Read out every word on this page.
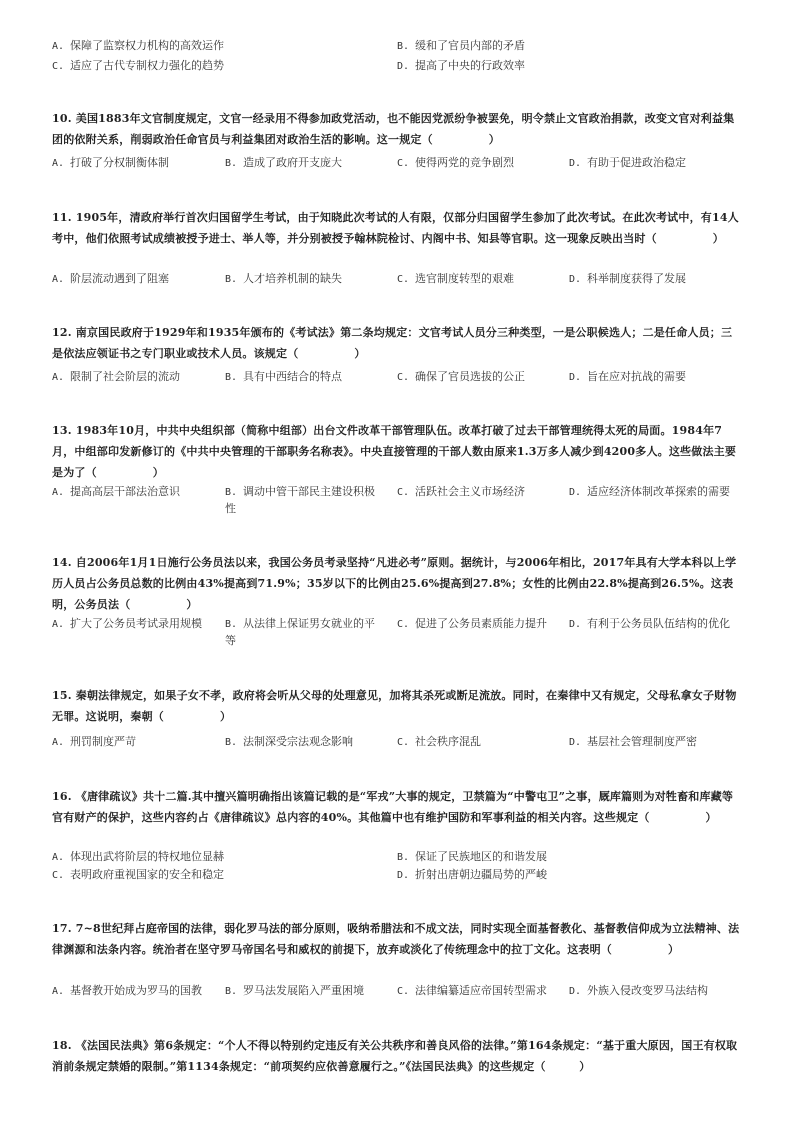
A. 保障了监察权力机构的高效运作	B. 缓和了官员内部的矛盾
C. 适应了古代专制权力强化的趋势	D. 提高了中央的行政效率
10. 美国1883年文官制度规定，文官一经录用不得参加政党活动，也不能因党派纷争被罢免，明令禁止文官政治捐款，改变文官对利益集团的依附关系，削弱政治任命官员与利益集团对政治生活的影响。这一规定（　　　　　）
A. 打破了分权制衡体制	B. 造成了政府开支庞大	C. 使得两党的竞争剧烈	D. 有助于促进政治稳定
11. 1905年，清政府举行首次归国留学生考试，由于知晓此次考试的人有限，仅部分归国留学生参加了此次考试。在此次考试中，有14人考中，他们依照考试成绩被授予进士、举人等，并分别被授予翰林院检讨、内阁中书、知县等官职。这一现象反映出当时（　　　　　）
A. 阶层流动遇到了阻塞	B. 人才培养机制的缺失	C. 选官制度转型的艰难	D. 科举制度获得了发展
12. 南京国民政府于1929年和1935年颁布的《考试法》第二条均规定：文官考试人员分三种类型，一是公职候选人；二是任命人员；三是依法应领证书之专门职业或技术人员。该规定（　　　　　）
A. 限制了社会阶层的流动	B. 具有中西结合的特点	C. 确保了官员选拔的公正	D. 旨在应对抗战的需要
13. 1983年10月，中共中央组织部（简称中组部）出台文件改革干部管理队伍。改革打破了过去干部管理统得太死的局面。1984年7月，中组部印发新修订的《中共中央管理的干部职务名称表》。中央直接管理的干部人数由原来1.3万多人减少到4200多人。这些做法主要是为了（　　　　　）
A. 提高高层干部法治意识	B. 调动中管干部民主建设积极性
C. 活跃社会主义市场经济	D. 适应经济体制改革探索的需要
14. 自2006年1月1日施行公务员法以来，我国公务员考录坚持“凡进必考”原则。据统计，与2006年相比，2017年具有大学本科以上学历人员占公务员总数的比例由43%提高到71.9%；35岁以下的比例由25.6%提高到27.8%；女性的比例由22.8%提高到26.5%。这表明，公务员法（　　　　　）
A. 扩大了公务员考试录用规模	B. 从法律上保证男女就业的平等
C. 促进了公务员素质能力提升	D. 有利于公务员队伍结构的优化
15. 秦朝法律规定，如果子女不孝，政府将会听从父母的处理意见，加将其杀死或断足流放。同时，在秦律中又有规定，父母私拿女子财物无罪。这说明，秦朝（　　　　　）
A. 刑罚制度严苛	B. 法制深受宗法观念影响	C. 社会秩序混乱	D. 基层社会管理制度严密
16. 《唐律疏议》共十二篇.其中擅兴篇明确指出该篇记载的是“军戎”大事的规定，卫禁篇为“中警屯卫”之事，厩库篇则为对牲畜和库藏等官有财产的保护，这些内容约占《唐律疏议》总内容的40%。其他篇中也有维护国防和军事利益的相关内容。这些规定（　　　　　）
A. 体现出武将阶层的特权地位显赫	B. 保证了民族地区的和谐发展
C. 表明政府重视国家的安全和稳定	D. 折射出唐朝边疆局势的严峻
17. 7~8世纪拜占庭帝国的法律，弱化罗马法的部分原则，吸纳希腊法和不成文法，同时实现全面基督教化、基督教信仰成为立法精神、法律渊源和法条内容。统治者在坚守罗马帝国名号和威权的前提下，放弃或淡化了传统理念中的拉丁文化。这表明（　　　　　）
A. 基督教开始成为罗马的国教	B. 罗马法发展陷入严重困境	C. 法律编纂适应帝国转型需求	D. 外族入侵改变罗马法结构
18. 《法国民法典》第6条规定：“个人不得以特别约定违反有关公共秩序和善良风俗的法律。”第164条规定：“基于重大原因，国王有权取消前条规定禁婚的限制。”第1134条规定：“前项契约应依善意履行之。”《法国民法典》的这些规定（　　　）
